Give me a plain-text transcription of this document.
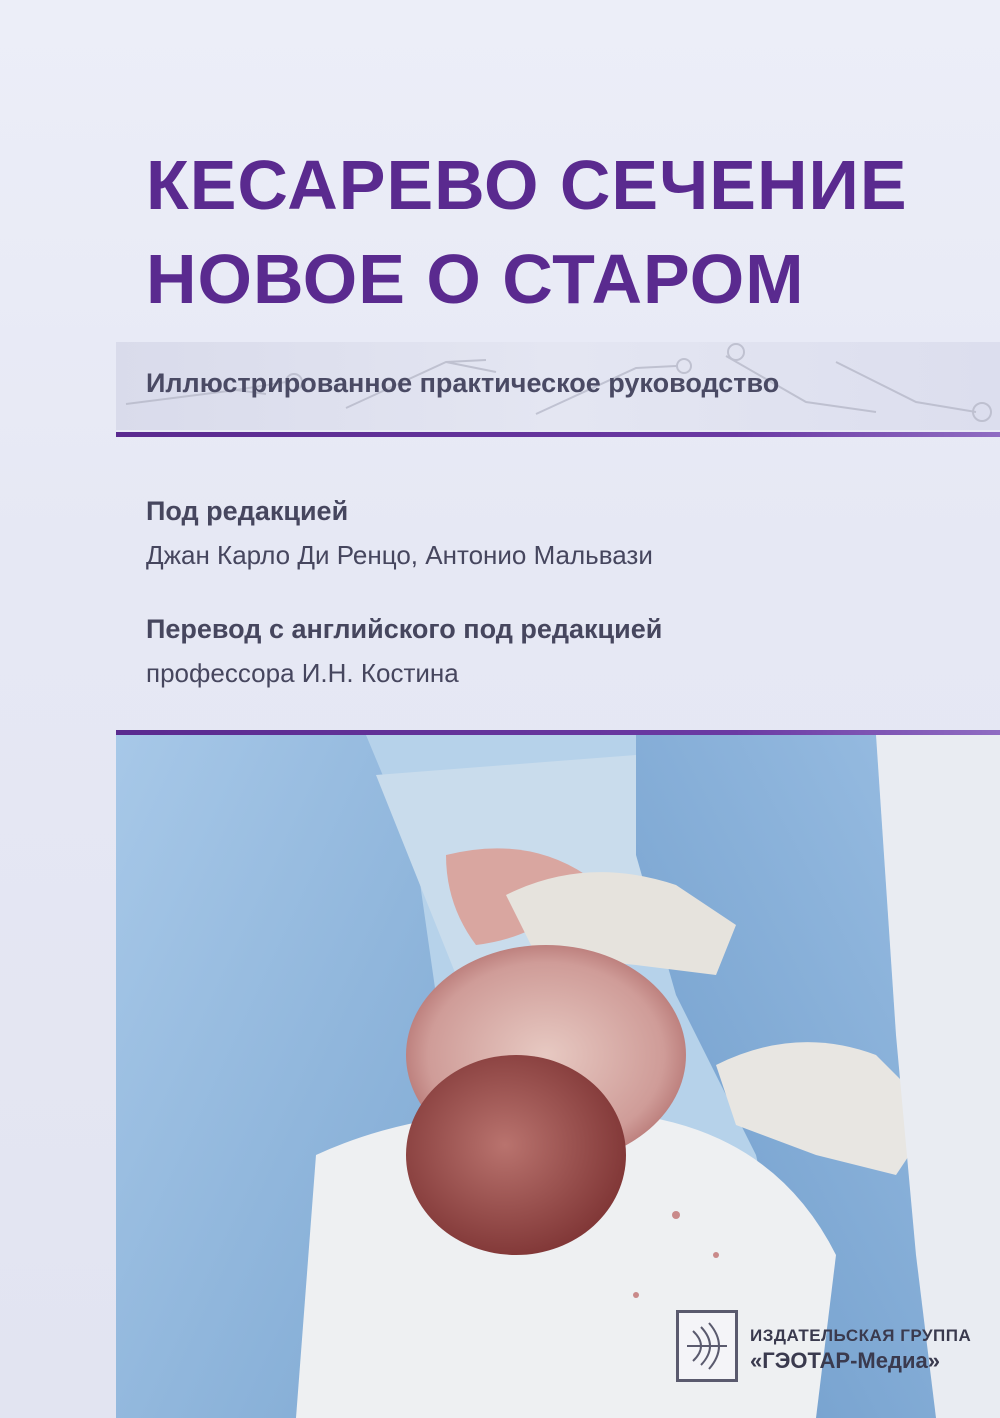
КЕСАРЕВО СЕЧЕНИЕ
НОВОЕ О СТАРОМ
Иллюстрированное практическое руководство
Под редакцией
Джан Карло Ди Ренцо, Антонио Мальвази
Перевод с английского под редакцией
профессора И.Н. Костина
ИЗДАТЕЛЬСКАЯ ГРУППА
«ГЭОТАР-Медиа»
